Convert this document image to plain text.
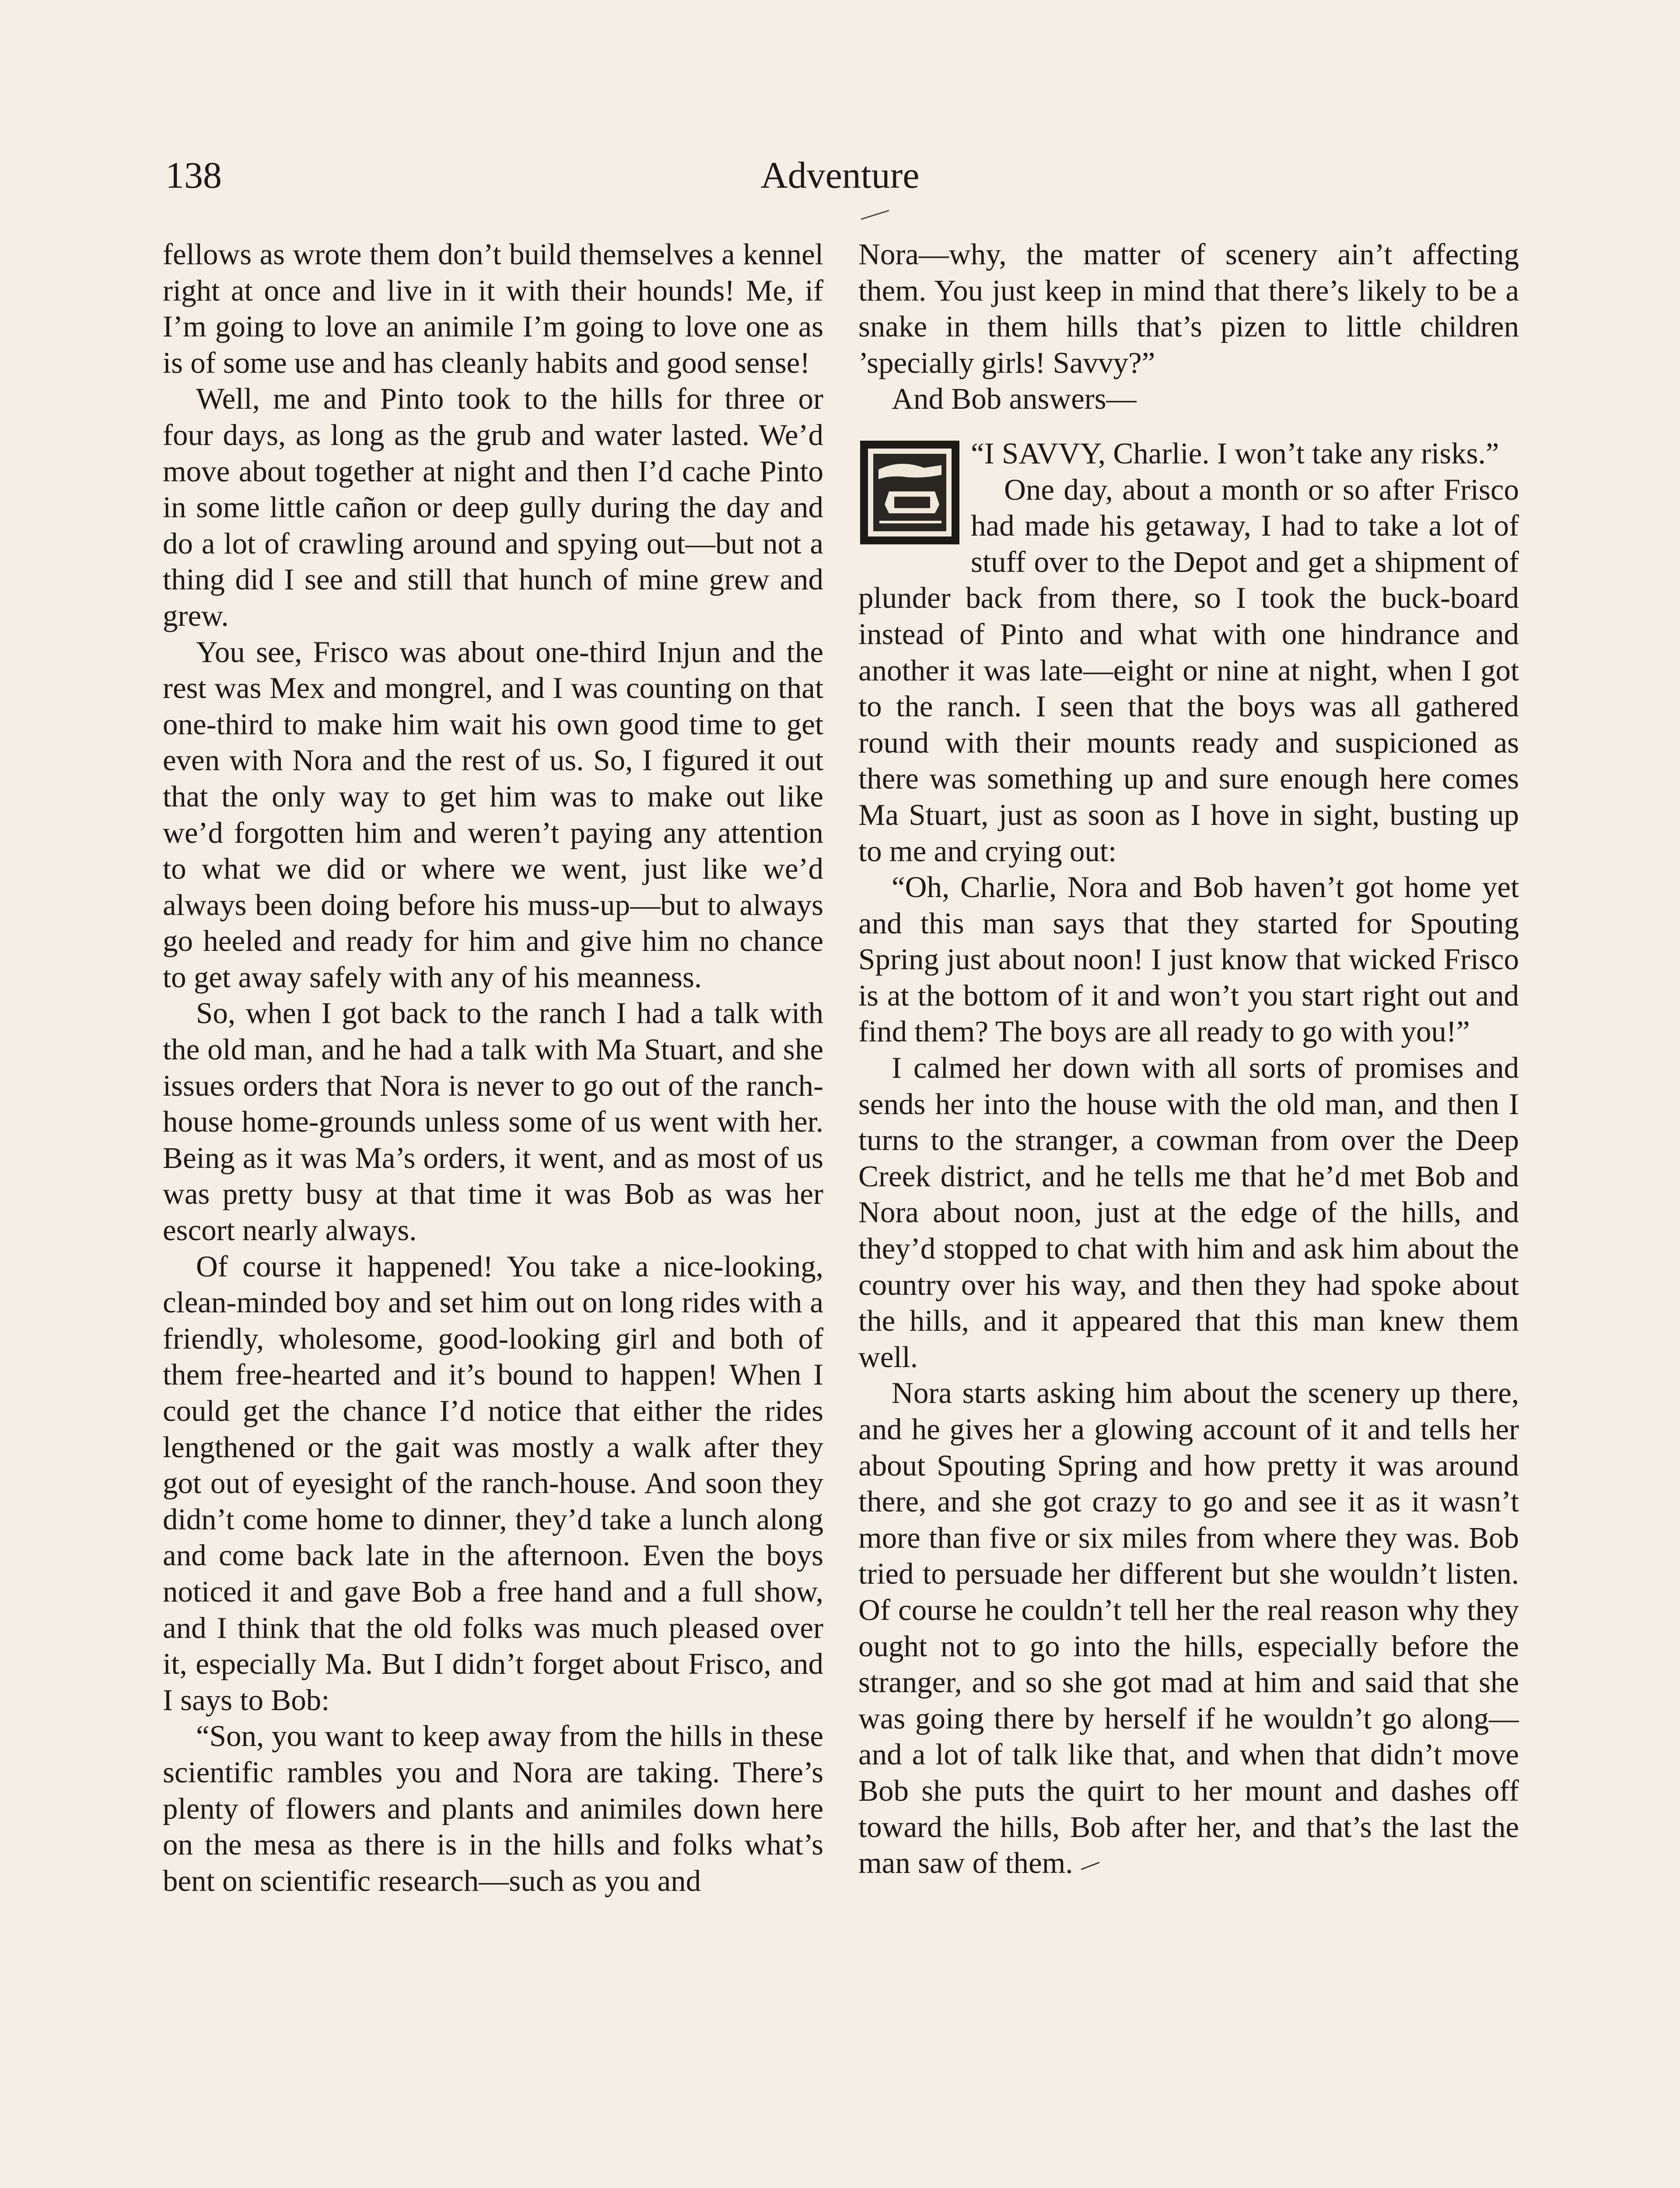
138	Adventure

fellows as wrote them don’t build themselves a kennel right at once and live in it with their hounds! Me, if I’m going to love an animile I’m going to love one as is of some use and has cleanly habits and good sense!

Well, me and Pinto took to the hills for three or four days, as long as the grub and water lasted. We’d move about together at night and then I’d cache Pinto in some little cañon or deep gully during the day and do a lot of crawling around and spying out—but not a thing did I see and still that hunch of mine grew and grew.

You see, Frisco was about one-third Injun and the rest was Mex and mongrel, and I was counting on that one-third to make him wait his own good time to get even with Nora and the rest of us. So, I figured it out that the only way to get him was to make out like we’d forgotten him and weren’t paying any attention to what we did or where we went, just like we’d always been doing before his muss-up—but to always go heeled and ready for him and give him no chance to get away safely with any of his meanness.

So, when I got back to the ranch I had a talk with the old man, and he had a talk with Ma Stuart, and she issues orders that Nora is never to go out of the ranch-house home-grounds unless some of us went with her. Being as it was Ma’s orders, it went, and as most of us was pretty busy at that time it was Bob as was her escort nearly always.

Of course it happened! You take a nice-looking, clean-minded boy and set him out on long rides with a friendly, wholesome, good-looking girl and both of them free-hearted and it’s bound to happen! When I could get the chance I’d notice that either the rides lengthened or the gait was mostly a walk after they got out of eyesight of the ranch-house. And soon they didn’t come home to dinner, they’d take a lunch along and come back late in the afternoon. Even the boys noticed it and gave Bob a free hand and a full show, and I think that the old folks was much pleased over it, especially Ma. But I didn’t forget about Frisco, and I says to Bob:

“Son, you want to keep away from the hills in these scientific rambles you and Nora are taking. There’s plenty of flowers and plants and animiles down here on the mesa as there is in the hills and folks what’s bent on scientific research—such as you and

Nora—why, the matter of scenery ain’t affecting them. You just keep in mind that there’s likely to be a snake in them hills that’s pizen to little children ’specially girls! Savvy?”

And Bob answers—

“I SAVVY, Charlie. I won’t take any risks.”

One day, about a month or so after Frisco had made his getaway, I had to take a lot of stuff over to the Depot and get a shipment of plunder back from there, so I took the buck-board instead of Pinto and what with one hindrance and another it was late—eight or nine at night, when I got to the ranch. I seen that the boys was all gathered round with their mounts ready and suspicioned as there was something up and sure enough here comes Ma Stuart, just as soon as I hove in sight, busting up to me and crying out:

“Oh, Charlie, Nora and Bob haven’t got home yet and this man says that they started for Spouting Spring just about noon! I just know that wicked Frisco is at the bottom of it and won’t you start right out and find them? The boys are all ready to go with you!”

I calmed her down with all sorts of promises and sends her into the house with the old man, and then I turns to the stranger, a cowman from over the Deep Creek district, and he tells me that he’d met Bob and Nora about noon, just at the edge of the hills, and they’d stopped to chat with him and ask him about the country over his way, and then they had spoke about the hills, and it appeared that this man knew them well.

Nora starts asking him about the scenery up there, and he gives her a glowing account of it and tells her about Spouting Spring and how pretty it was around there, and she got crazy to go and see it as it wasn’t more than five or six miles from where they was. Bob tried to persuade her different but she wouldn’t listen. Of course he couldn’t tell her the real reason why they ought not to go into the hills, especially before the stranger, and so she got mad at him and said that she was going there by herself if he wouldn’t go along—and a lot of talk like that, and when that didn’t move Bob she puts the quirt to her mount and dashes off toward the hills, Bob after her, and that’s the last the man saw of them.
